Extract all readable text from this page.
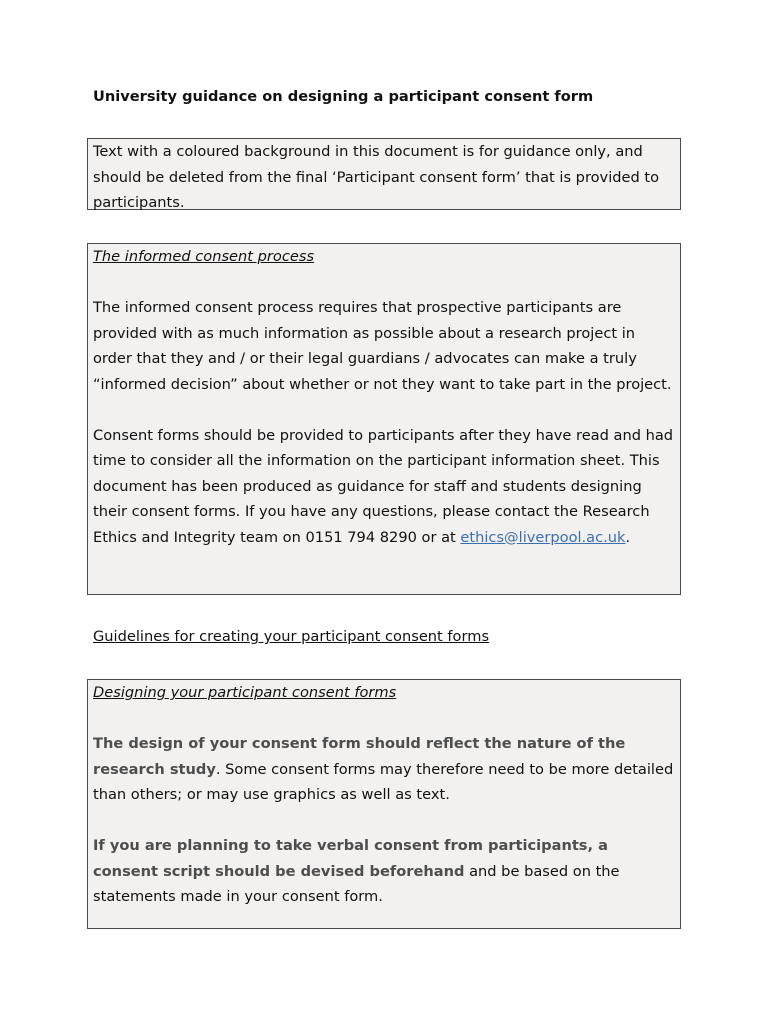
University guidance on designing a participant consent form

Text with a coloured background in this document is for guidance only, and should be deleted from the final ‘Participant consent form’ that is provided to participants.

The informed consent process

The informed consent process requires that prospective participants are provided with as much information as possible about a research project in order that they and / or their legal guardians / advocates can make a truly “informed decision” about whether or not they want to take part in the project.

Consent forms should be provided to participants after they have read and had time to consider all the information on the participant information sheet. This document has been produced as guidance for staff and students designing their consent forms. If you have any questions, please contact the Research Ethics and Integrity team on 0151 794 8290 or at ethics@liverpool.ac.uk.

Guidelines for creating your participant consent forms

Designing your participant consent forms

The design of your consent form should reflect the nature of the research study. Some consent forms may therefore need to be more detailed than others; or may use graphics as well as text.

If you are planning to take verbal consent from participants, a consent script should be devised beforehand and be based on the statements made in your consent form.
